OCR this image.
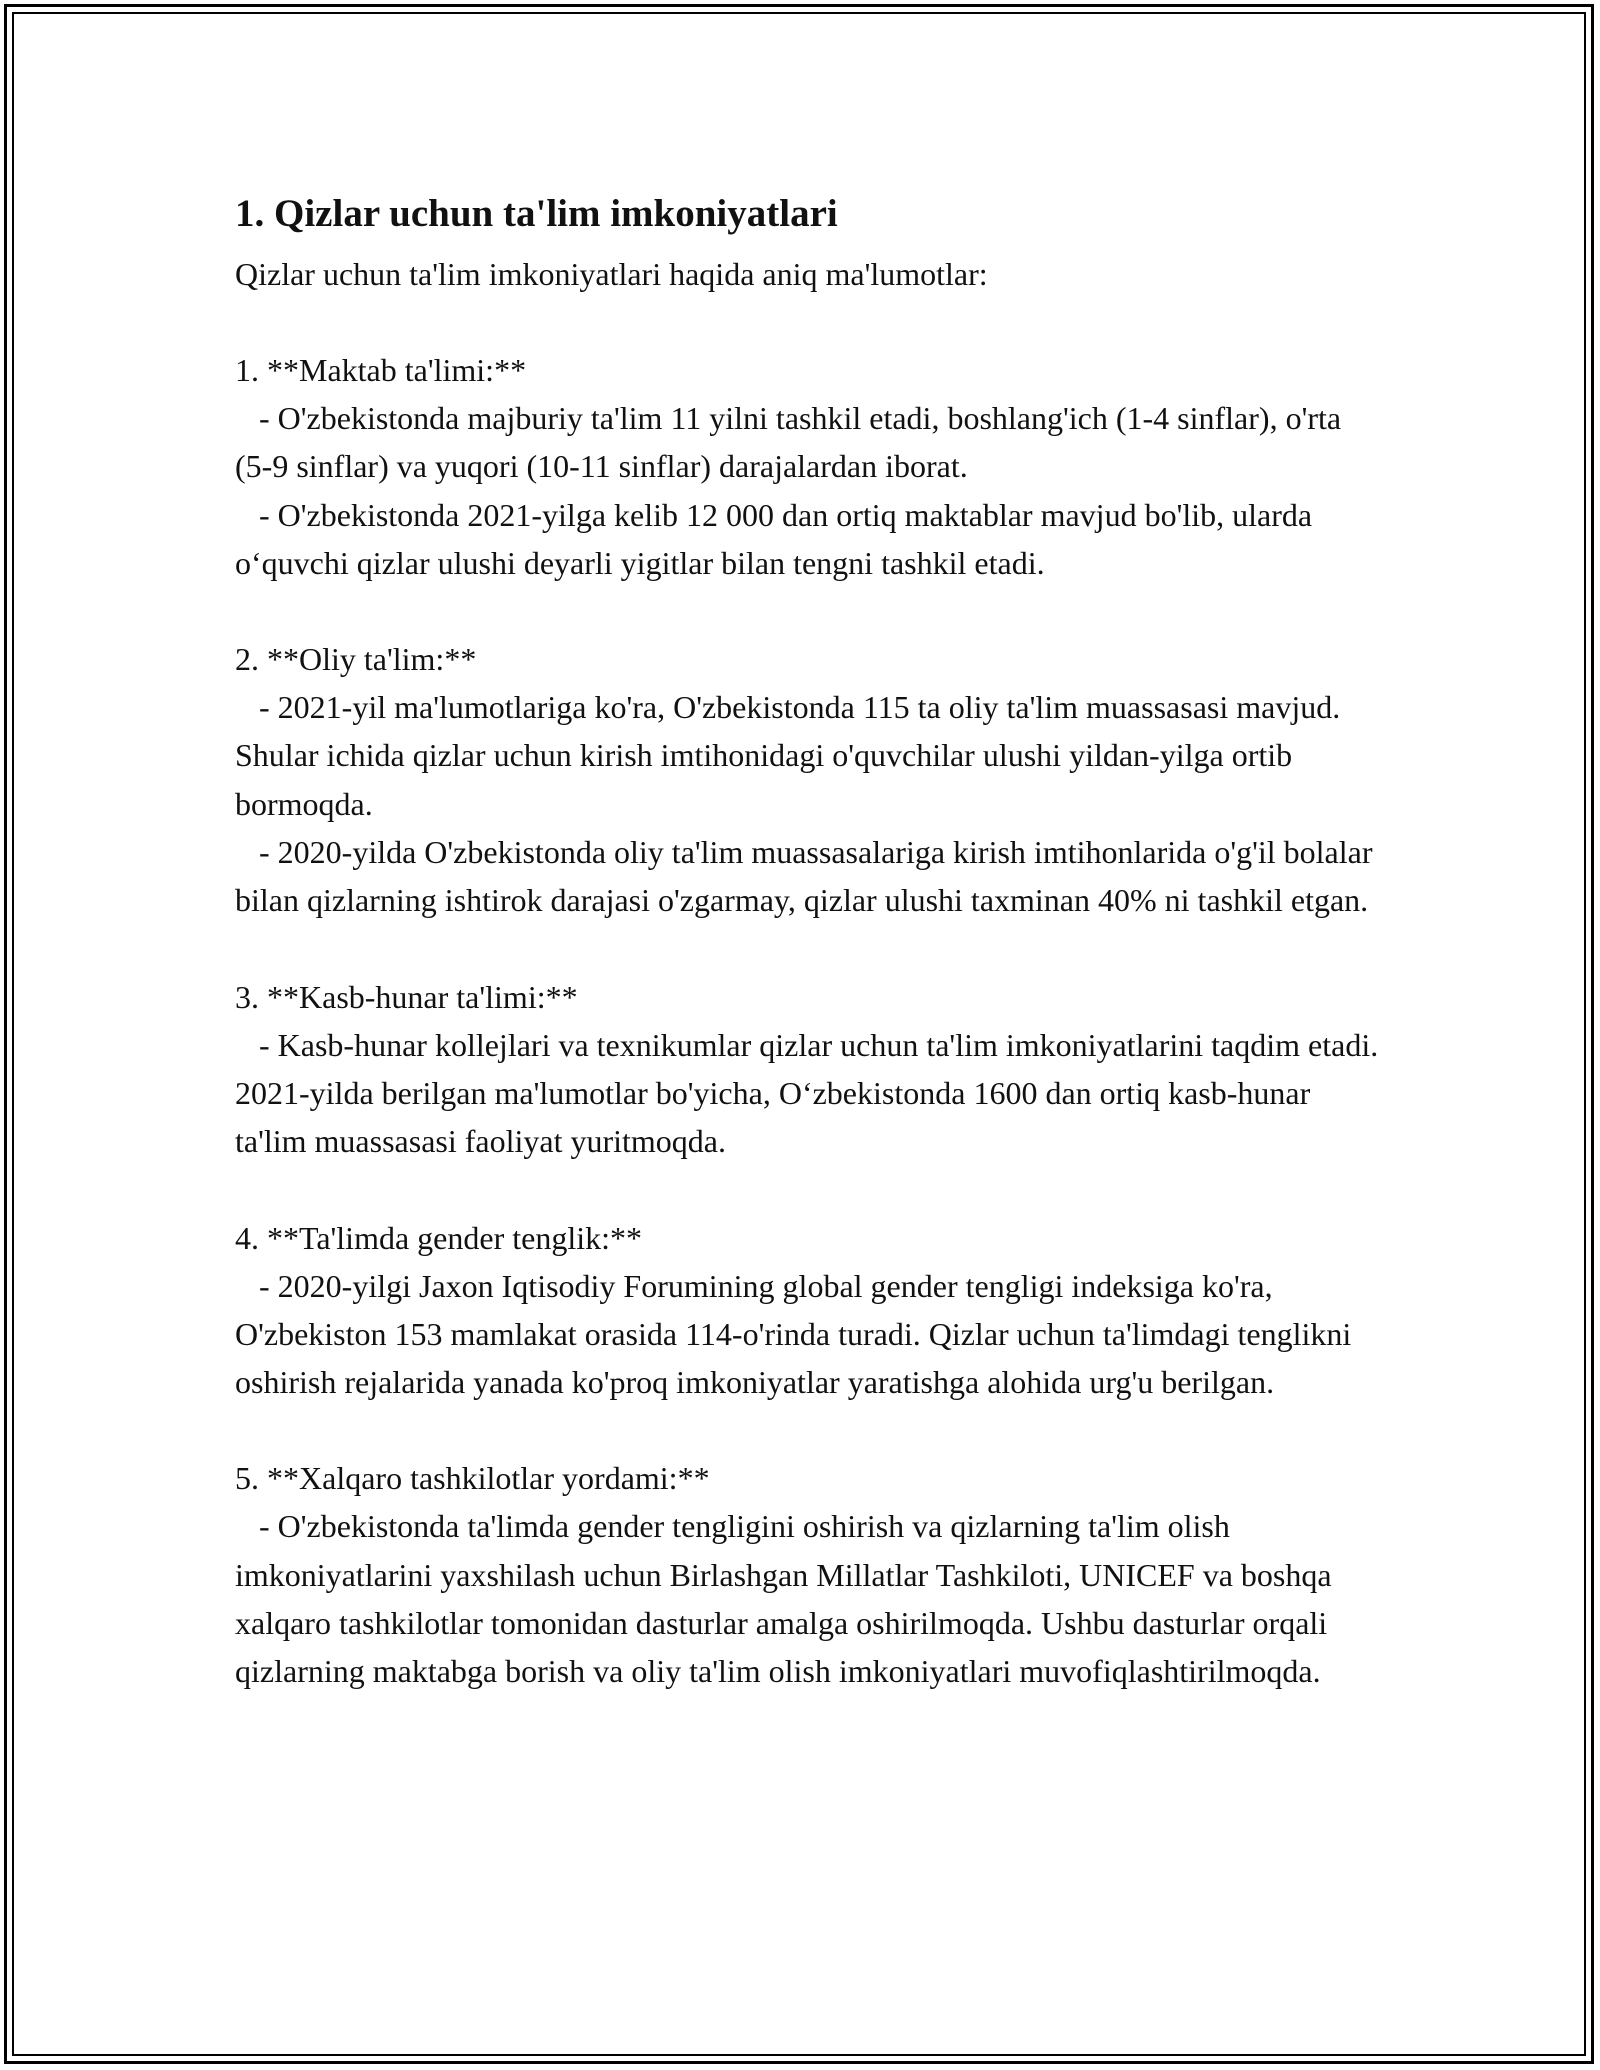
1. Qizlar uchun ta'lim imkoniyatlari

Qizlar uchun ta'lim imkoniyatlari haqida aniq ma'lumotlar:

1. **Maktab ta'limi:**

- O'zbekistonda majburiy ta'lim 11 yilni tashkil etadi, boshlang'ich (1-4 sinflar), o'rta (5-9 sinflar) va yuqori (10-11 sinflar) darajalardan iborat.

- O'zbekistonda 2021-yilga kelib 12 000 dan ortiq maktablar mavjud bo'lib, ularda o‘quvchi qizlar ulushi deyarli yigitlar bilan tengni tashkil etadi.

2. **Oliy ta'lim:**

- 2021-yil ma'lumotlariga ko'ra, O'zbekistonda 115 ta oliy ta'lim muassasasi mavjud. Shular ichida qizlar uchun kirish imtihonidagi o'quvchilar ulushi yildan-yilga ortib bormoqda.

- 2020-yilda O'zbekistonda oliy ta'lim muassasalariga kirish imtihonlarida o'g'il bolalar bilan qizlarning ishtirok darajasi o'zgarmay, qizlar ulushi taxminan 40% ni tashkil etgan.

3. **Kasb-hunar ta'limi:**

- Kasb-hunar kollejlari va texnikumlar qizlar uchun ta'lim imkoniyatlarini taqdim etadi. 2021-yilda berilgan ma'lumotlar bo'yicha, O‘zbekistonda 1600 dan ortiq kasb-hunar ta'lim muassasasi faoliyat yuritmoqda.

4. **Ta'limda gender tenglik:**

- 2020-yilgi Jaxon Iqtisodiy Forumining global gender tengligi indeksiga ko'ra, O'zbekiston 153 mamlakat orasida 114-o'rinda turadi. Qizlar uchun ta'limdagi tenglikni oshirish rejalarida yanada ko'proq imkoniyatlar yaratishga alohida urg'u berilgan.

5. **Xalqaro tashkilotlar yordami:**

- O'zbekistonda ta'limda gender tengligini oshirish va qizlarning ta'lim olish imkoniyatlarini yaxshilash uchun Birlashgan Millatlar Tashkiloti, UNICEF va boshqa xalqaro tashkilotlar tomonidan dasturlar amalga oshirilmoqda. Ushbu dasturlar orqali qizlarning maktabga borish va oliy ta'lim olish imkoniyatlari muvofiqlashtirilmoqda.
